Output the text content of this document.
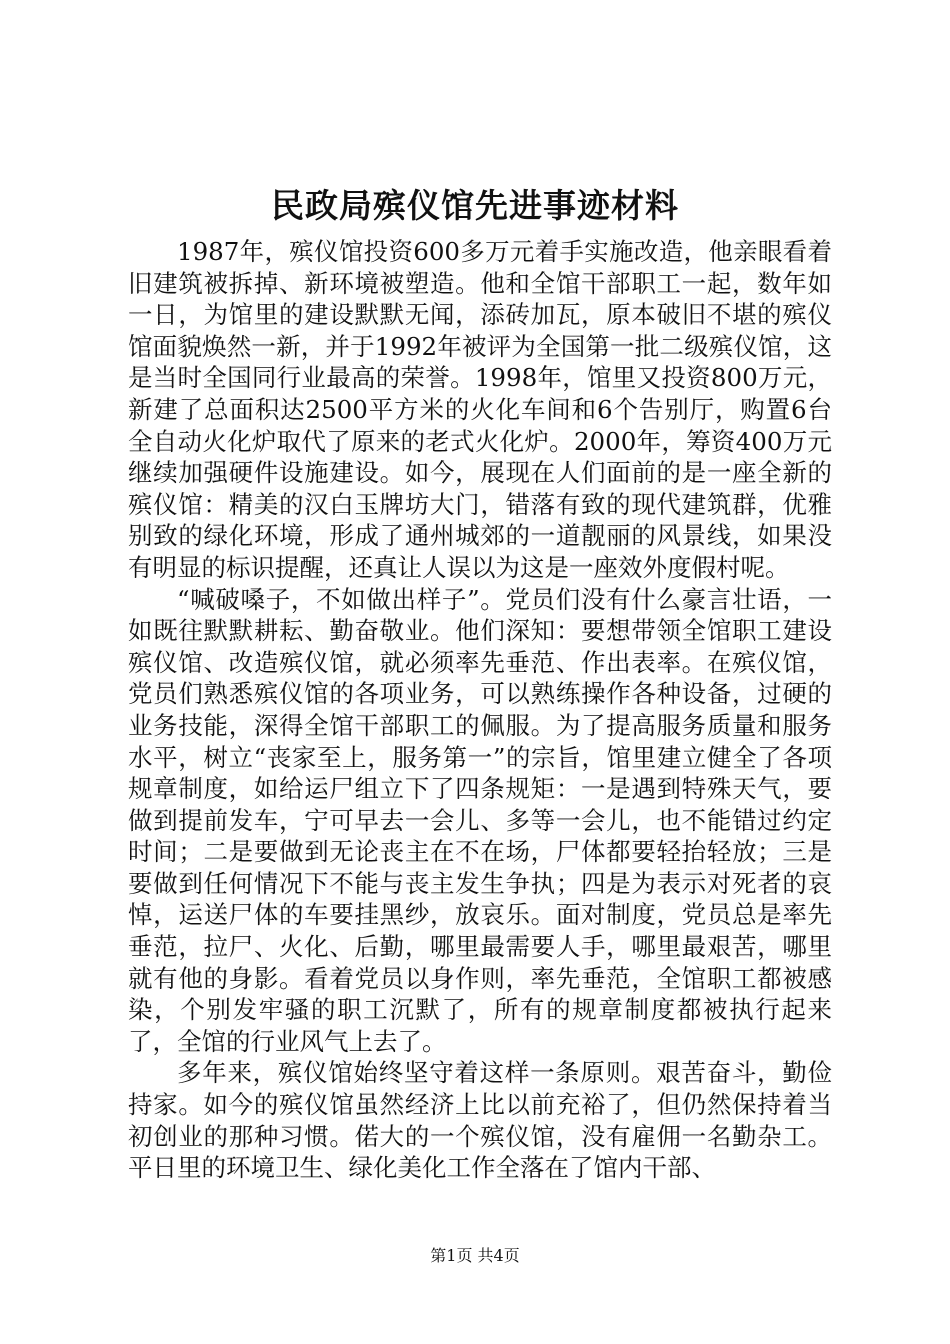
民政局殡仪馆先进事迹材料

1987年，殡仪馆投资600多万元着手实施改造，他亲眼看着旧建筑被拆掉、新环境被塑造。他和全馆干部职工一起，数年如一日，为馆里的建设默默无闻，添砖加瓦，原本破旧不堪的殡仪馆面貌焕然一新，并于1992年被评为全国第一批二级殡仪馆，这是当时全国同行业最高的荣誉。1998年，馆里又投资800万元，新建了总面积达2500平方米的火化车间和6个告别厅，购置6台全自动火化炉取代了原来的老式火化炉。2000年，筹资400万元继续加强硬件设施建设。如今，展现在人们面前的是一座全新的殡仪馆：精美的汉白玉牌坊大门，错落有致的现代建筑群，优雅别致的绿化环境，形成了通州城郊的一道靓丽的风景线，如果没有明显的标识提醒，还真让人误以为这是一座效外度假村呢。

“喊破嗓子，不如做出样子”。党员们没有什么豪言壮语，一如既往默默耕耘、勤奋敬业。他们深知：要想带领全馆职工建设殡仪馆、改造殡仪馆，就必须率先垂范、作出表率。在殡仪馆，党员们熟悉殡仪馆的各项业务，可以熟练操作各种设备，过硬的业务技能，深得全馆干部职工的佩服。为了提高服务质量和服务水平，树立“丧家至上，服务第一”的宗旨，馆里建立健全了各项规章制度，如给运尸组立下了四条规矩：一是遇到特殊天气，要做到提前发车，宁可早去一会儿、多等一会儿，也不能错过约定时间；二是要做到无论丧主在不在场，尸体都要轻抬轻放；三是要做到任何情况下不能与丧主发生争执；四是为表示对死者的哀悼，运送尸体的车要挂黑纱，放哀乐。面对制度，党员总是率先垂范，拉尸、火化、后勤，哪里最需要人手，哪里最艰苦，哪里就有他的身影。看着党员以身作则，率先垂范，全馆职工都被感染，个别发牢骚的职工沉默了，所有的规章制度都被执行起来了，全馆的行业风气上去了。

多年来，殡仪馆始终坚守着这样一条原则。艰苦奋斗，勤俭持家。如今的殡仪馆虽然经济上比以前充裕了，但仍然保持着当初创业的那种习惯。偌大的一个殡仪馆，没有雇佣一名勤杂工。平日里的环境卫生、绿化美化工作全落在了馆内干部、

第1页 共4页
